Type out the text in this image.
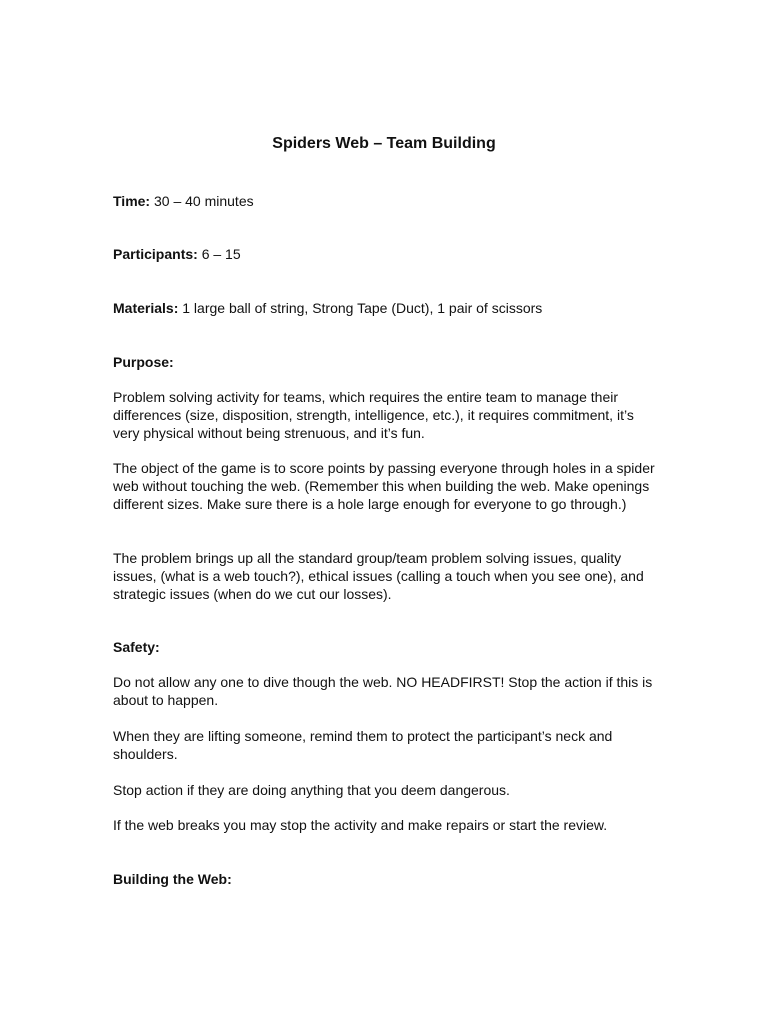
Spiders Web – Team Building
Time: 30 – 40 minutes
Participants: 6 – 15
Materials: 1 large ball of string, Strong Tape (Duct), 1 pair of scissors
Purpose:
Problem solving activity for teams, which requires the entire team to manage their differences (size, disposition, strength, intelligence, etc.), it requires commitment, it’s very physical without being strenuous, and it’s fun.
The object of the game is to score points by passing everyone through holes in a spider web without touching the web. (Remember this when building the web. Make openings different sizes. Make sure there is a hole large enough for everyone to go through.)
The problem brings up all the standard group/team problem solving issues, quality issues, (what is a web touch?), ethical issues (calling a touch when you see one), and strategic issues (when do we cut our losses).
Safety:
Do not allow any one to dive though the web. NO HEADFIRST! Stop the action if this is about to happen.
When they are lifting someone, remind them to protect the participant’s neck and shoulders.
Stop action if they are doing anything that you deem dangerous.
If the web breaks you may stop the activity and make repairs or start the review.
Building the Web:
